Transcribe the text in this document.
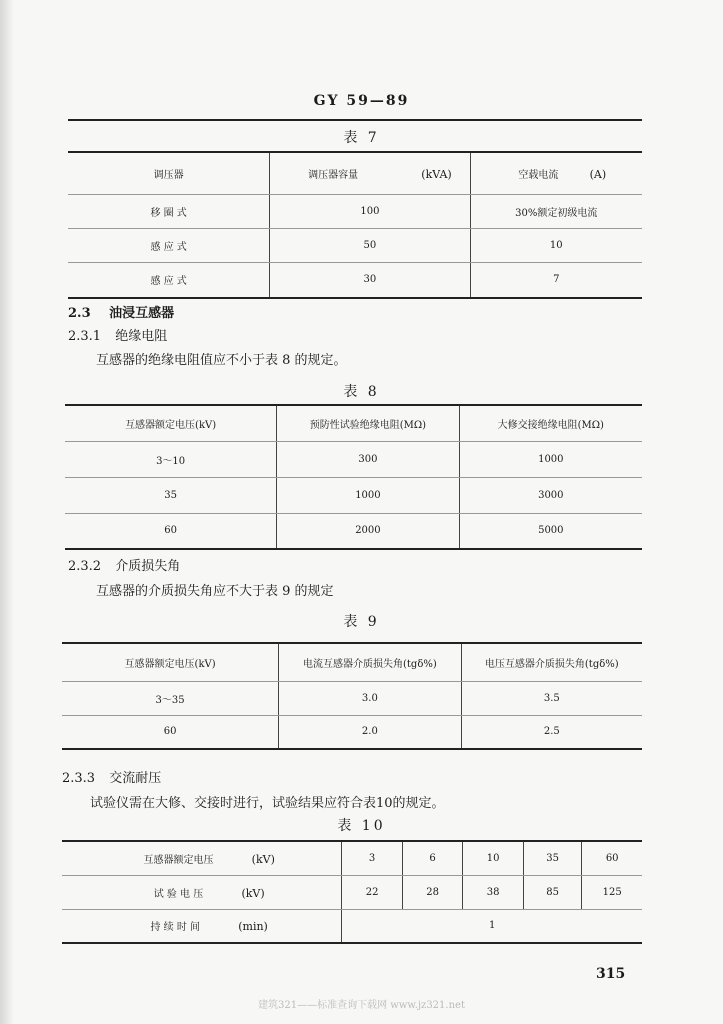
GY 59—89
表 7
调压器	调压器容量 (kVA)	空载电流 (A)
移 圈 式	100	30%额定初级电流
感 应 式	50	10
感 应 式	30	7
2.3 油浸互感器
2.3.1 绝缘电阻
互感器的绝缘电阻值应不小于表 8 的规定。
表 8
互感器额定电压(kV)	预防性试验绝缘电阻(MΩ)	大修交接绝缘电阻(MΩ)
3～10	300	1000
35	1000	3000
60	2000	5000
2.3.2 介质损失角
互感器的介质损失角应不大于表 9 的规定
表 9
互感器额定电压(kV)	电流互感器介质损失角(tgδ%)	电压互感器介质损失角(tgδ%)
3～35	3.0	3.5
60	2.0	2.5
2.3.3 交流耐压
试验仪需在大修、交接时进行，试验结果应符合表10的规定。
表 10
互感器额定电压 (kV)	3	6	10	35	60
试 验 电 压 (kV)	22	28	38	85	125
持 续 时 间 (min)	1				
315
建筑321——标准查询下载网 www.jz321.net
